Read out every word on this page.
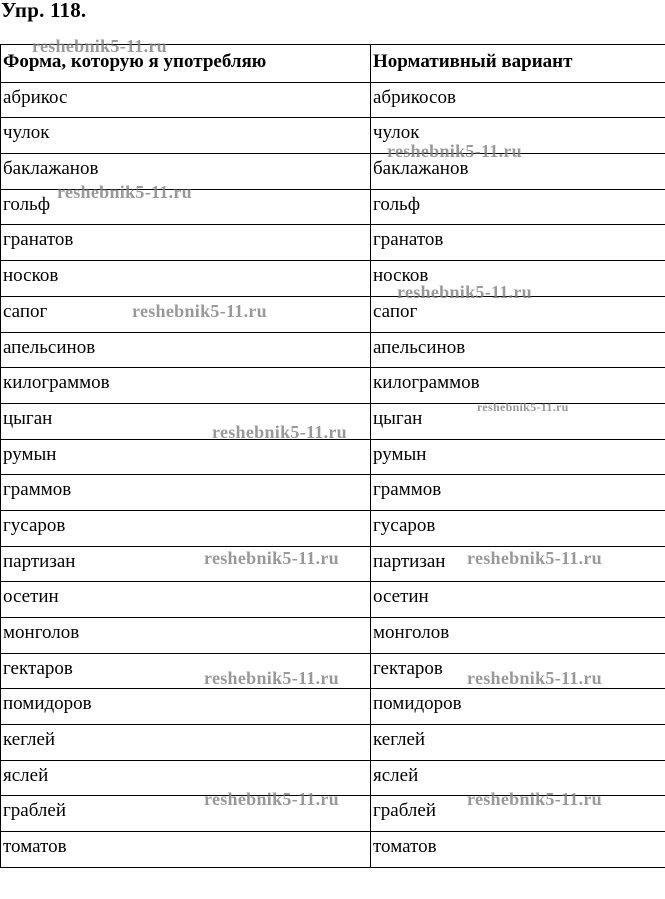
Упр. 118.
Форма, которую я употребляю	Нормативный вариант
абрикос	абрикосов
чулок	чулок
баклажанов	баклажанов
гольф	гольф
гранатов	гранатов
носков	носков
сапог	сапог
апельсинов	апельсинов
килограммов	килограммов
цыган	цыган
румын	румын
граммов	граммов
гусаров	гусаров
партизан	партизан
осетин	осетин
монголов	монголов
гектаров	гектаров
помидоров	помидоров
кеглей	кеглей
яслей	яслей
граблей	граблей
томатов	томатов
reshebnik5-11.ru
reshebnik5-11.ru
reshebnik5-11.ru
reshebnik5-11.ru
reshebnik5-11.ru
reshebnik5-11.ru
reshebnik5-11.ru
reshebnik5-11.ru	reshebnik5-11.ru
reshebnik5-11.ru	reshebnik5-11.ru
reshebnik5-11.ru	reshebnik5-11.ru
